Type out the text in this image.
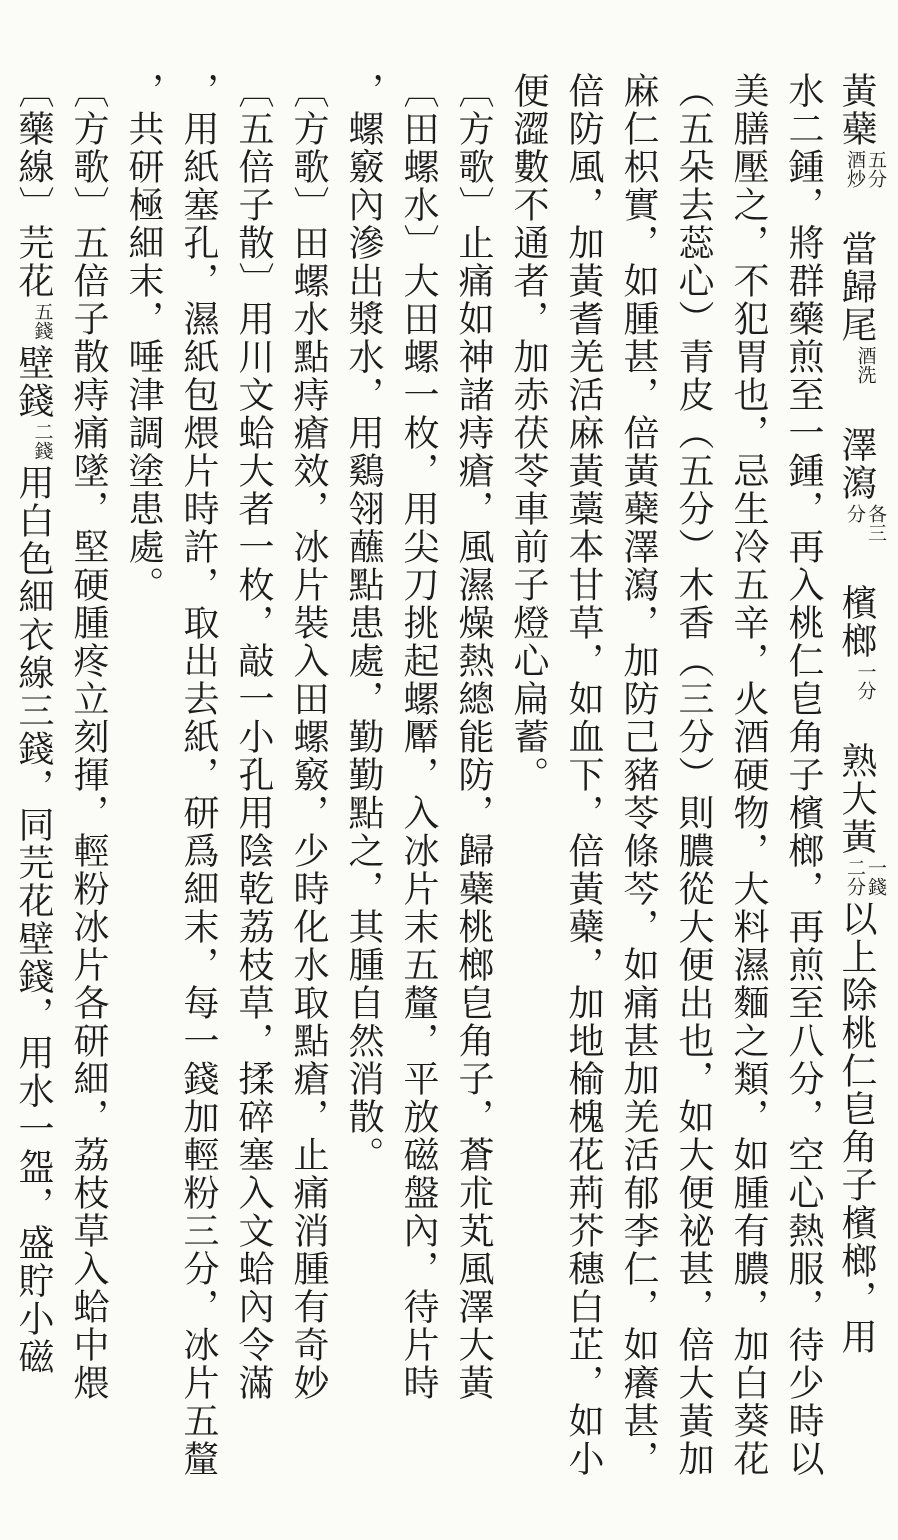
黃蘗五分酒炒　當歸尾酒洗　澤瀉各三分　檳榔一分　熟大黃一錢二分以上除桃仁皀角子檳榔，用
水二鍾，將群藥煎至一鍾，再入桃仁皀角子檳榔，再煎至八分，空心熱服，待少時以
美膳壓之，不犯胃也，忌生冷五辛，火酒硬物，大料濕麵之類，如腫有膿，加白葵花
（五朵去蕊心）青皮（五分）木香（三分）則膿從大便出也，如大便祕甚，倍大黃加
麻仁枳實，如腫甚，倍黃蘗澤瀉，加防己豬苓條芩，如痛甚加羌活郁李仁，如癢甚，
倍防風，加黃耆羌活麻黃藁本甘草，如血下，倍黃蘗，加地榆槐花荊芥穗白芷，如小
便澀數不通者，加赤茯苓車前子燈心扁蓄。
〔方歌〕止痛如神諸痔瘡，風濕燥熱總能防，歸蘗桃榔皀角子，蒼朮芄風澤大黃
〔田螺水〕大田螺一枚，用尖刀挑起螺厴，入冰片末五釐，平放磁盤內，待片時
，螺竅內滲出漿水，用鷄翎蘸點患處，勤勤點之，其腫自然消散。
〔方歌〕田螺水點痔瘡效，冰片裝入田螺竅，少時化水取點瘡，止痛消腫有奇妙
〔五倍子散〕用川文蛤大者一枚，敲一小孔用陰乾荔枝草，揉碎塞入文蛤內令滿
，用紙塞孔，濕紙包煨片時許，取出去紙，研爲細末，每一錢加輕粉三分，冰片五釐
，共研極細末，唾津調塗患處。
〔方歌〕五倍子散痔痛墜，堅硬腫疼立刻揮，輕粉冰片各研細，荔枝草入蛤中煨
〔藥線〕芫花五錢壁錢二錢用白色細衣線三錢，同芫花壁錢，用水一盌，盛貯小磁
